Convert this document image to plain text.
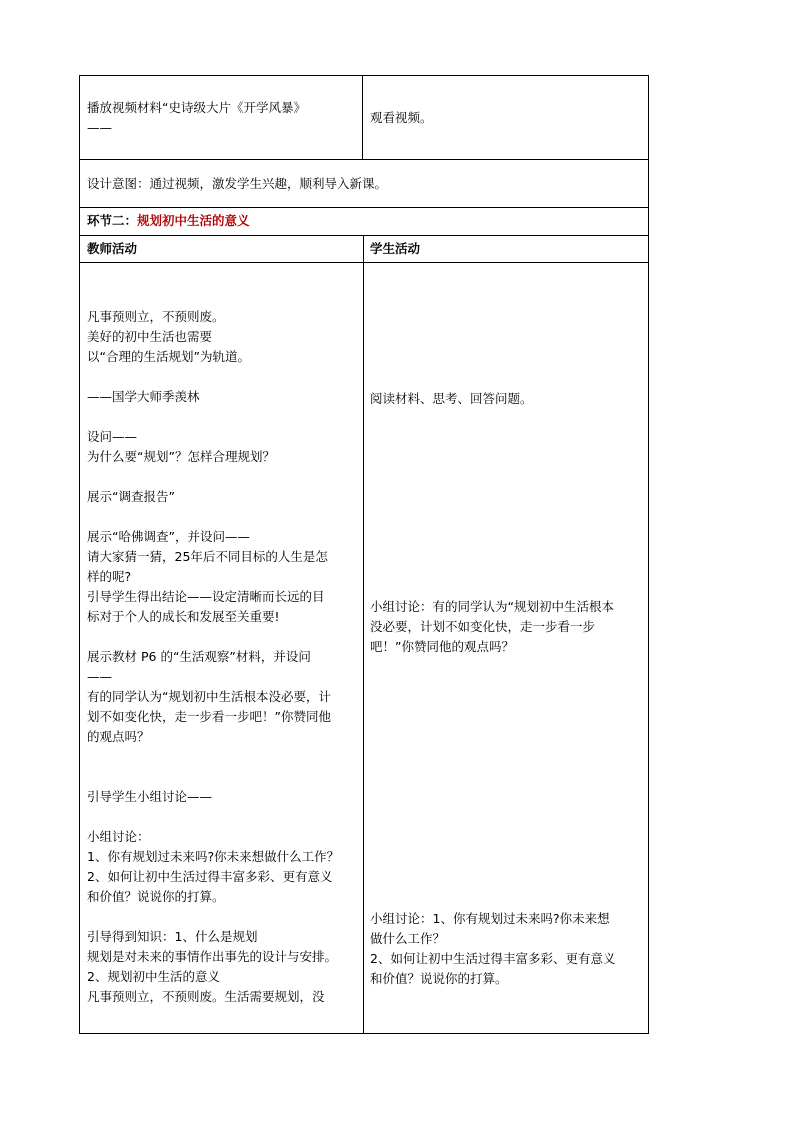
播放视频材料“史诗级大片《开学风暴》
——
观看视频。
设计意图：通过视频，激发学生兴趣，顺利导入新课。
环节二：规划初中生活的意义
教师活动	学生活动
凡事预则立，不预则废。
美好的初中生活也需要
以“合理的生活规划”为轨道。
——国学大师季羡林
设问——
为什么要“规划”？怎样合理规划？
展示“调查报告”
展示“哈佛调查”，并设问——
请大家猜一猜，25年后不同目标的人生是怎
样的呢?
引导学生得出结论——设定清晰而长远的目
标对于个人的成长和发展至关重要!
展示教材 P6 的“生活观察”材料，并设问
——
有的同学认为“规划初中生活根本没必要，计
划不如变化快，走一步看一步吧！”你赞同他
的观点吗？
引导学生小组讨论——
小组讨论：
1、你有规划过未来吗?你未来想做什么工作？
2、如何让初中生活过得丰富多彩、更有意义
和价值？说说你的打算。
引导得到知识：1、什么是规划
规划是对未来的事情作出事先的设计与安排。
2、规划初中生活的意义
凡事预则立，不预则废。生活需要规划，没
阅读材料、思考、回答问题。
小组讨论：有的同学认为“规划初中生活根本
没必要，计划不如变化快，走一步看一步
吧！”你赞同他的观点吗？
小组讨论：1、你有规划过未来吗?你未来想
做什么工作？
2、如何让初中生活过得丰富多彩、更有意义
和价值？说说你的打算。
